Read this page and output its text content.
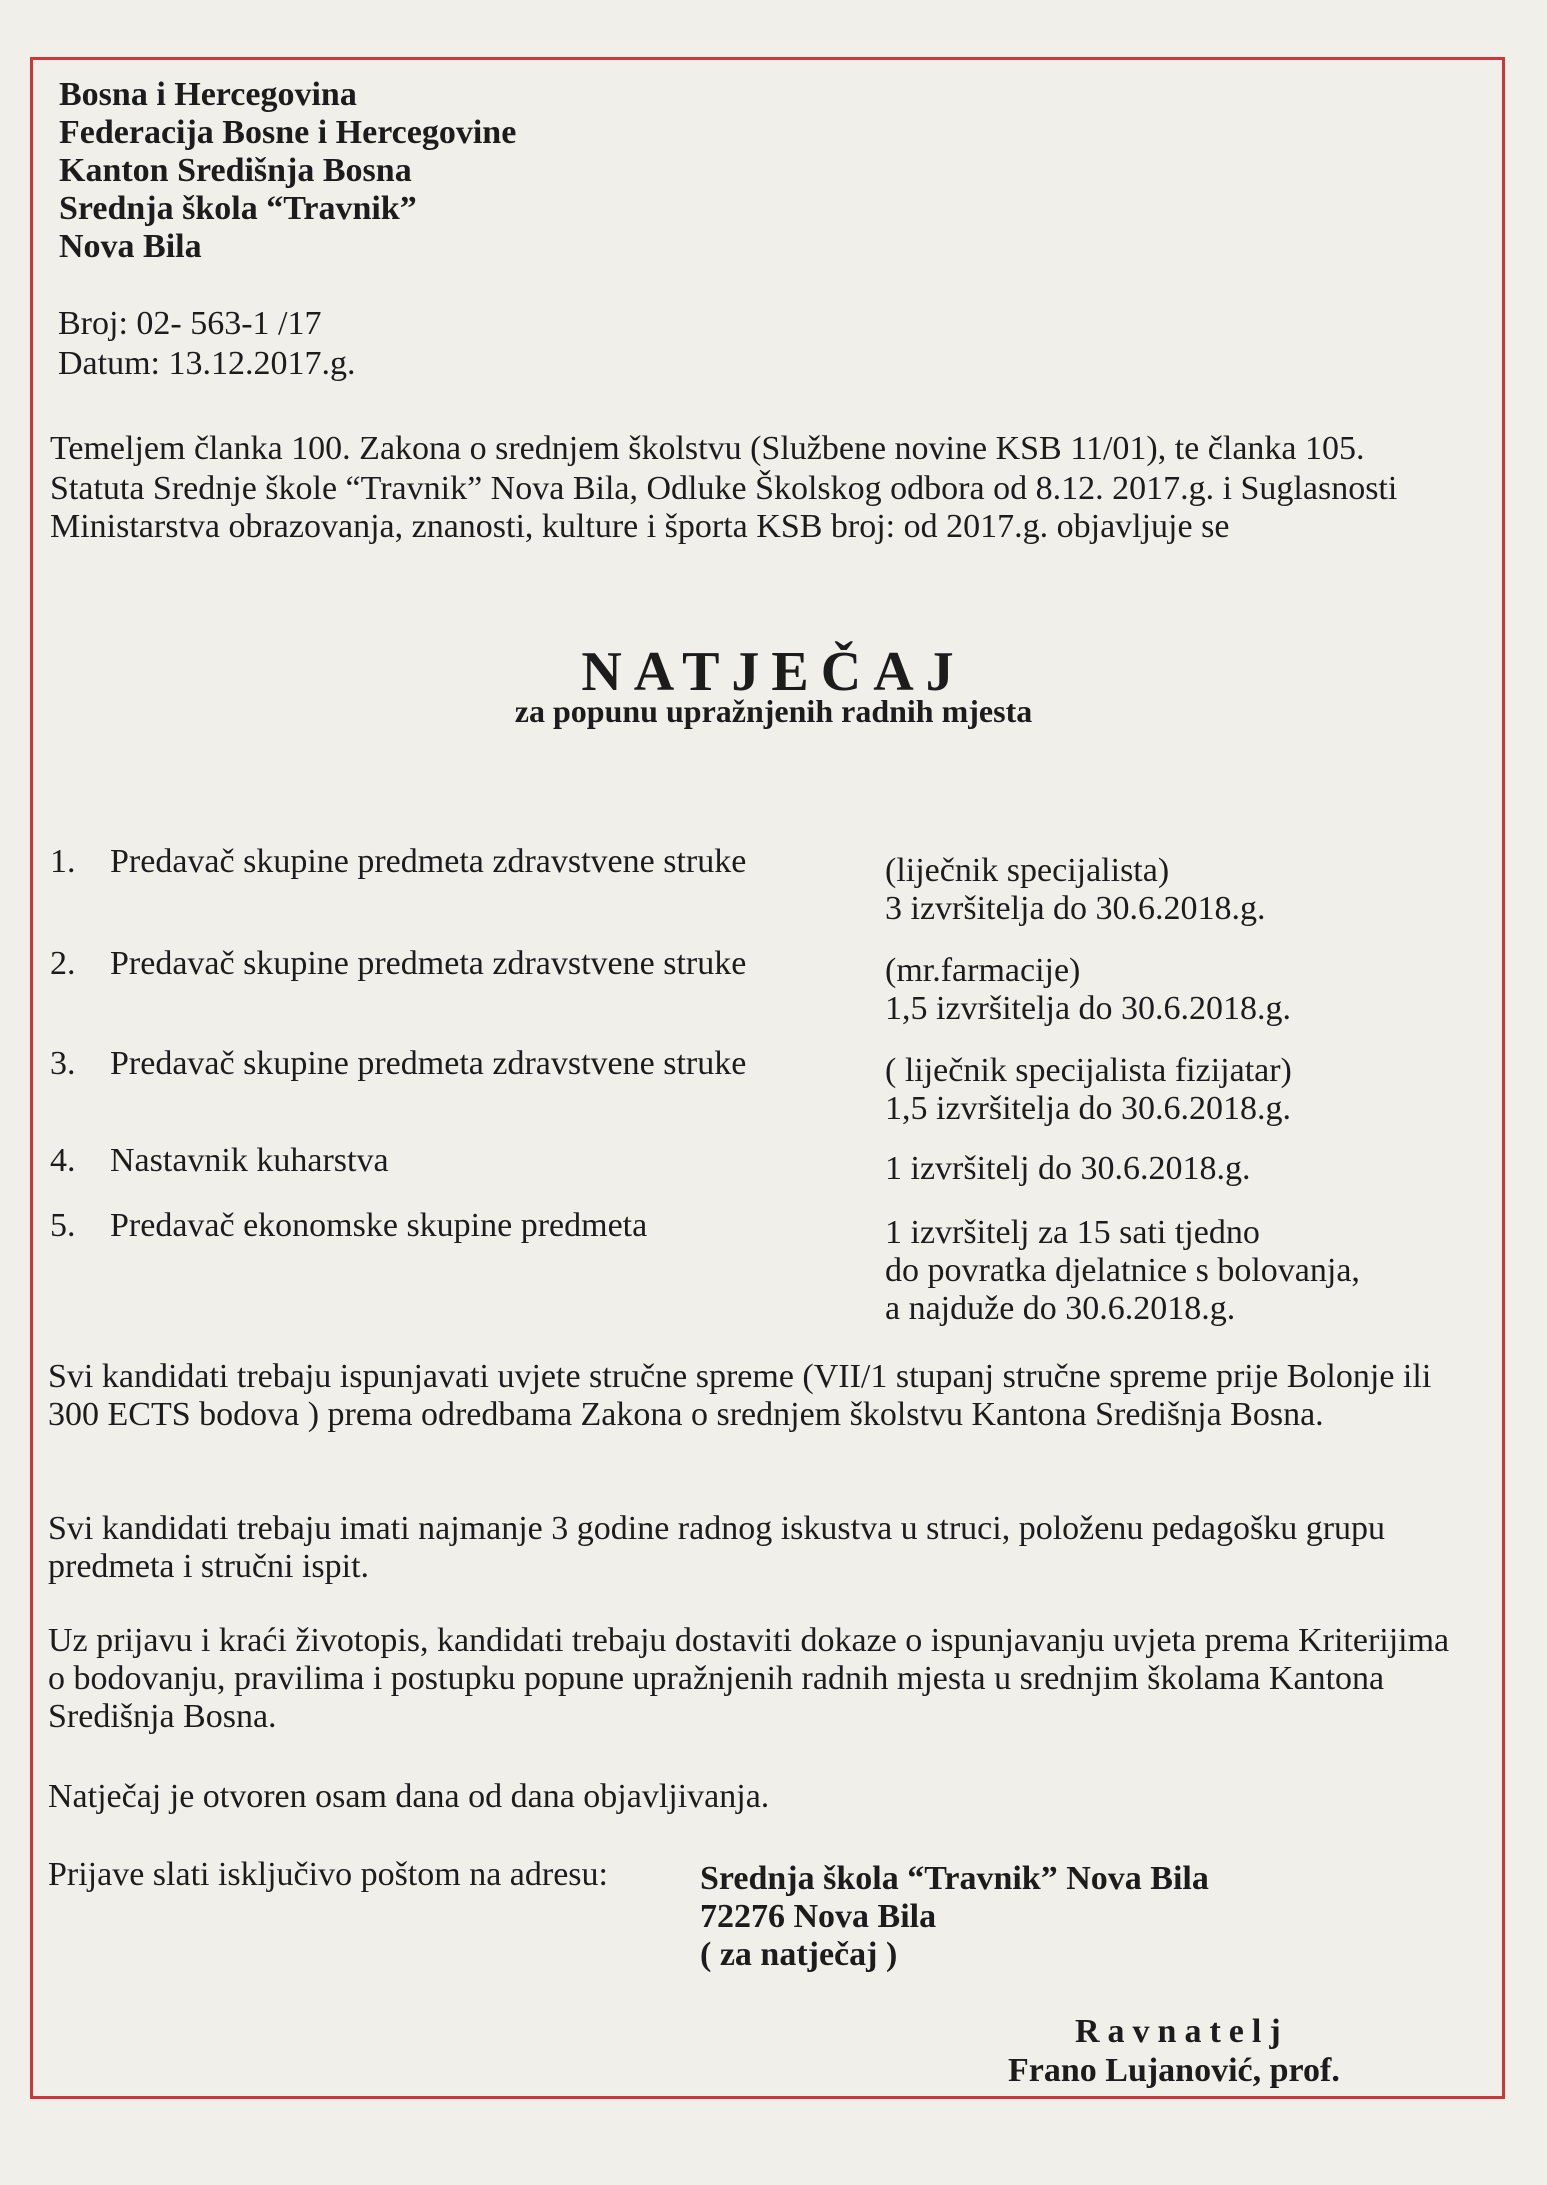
Bosna i Hercegovina
Federacija Bosne i Hercegovine
Kanton Središnja Bosna
Srednja škola “Travnik”
Nova Bila
Broj: 02- 563-1 /17
Datum: 13.12.2017.g.
Temeljem članka 100. Zakona o srednjem školstvu (Službene novine KSB 11/01), te članka 105.
Statuta Srednje škole “Travnik” Nova Bila, Odluke Školskog odbora od 8.12. 2017.g. i Suglasnosti
Ministarstva obrazovanja, znanosti, kulture i športa KSB broj: od 2017.g. objavljuje se
NATJEČAJ
za popunu upražnjenih radnih mjesta
1. Predavač skupine predmeta zdravstvene struke	(liječnik specijalista)
3 izvršitelja do 30.6.2018.g.
2. Predavač skupine predmeta zdravstvene struke	(mr.farmacije)
1,5 izvršitelja do 30.6.2018.g.
3. Predavač skupine predmeta zdravstvene struke	( liječnik specijalista fizijatar)
1,5 izvršitelja do 30.6.2018.g.
4. Nastavnik kuharstva	1 izvršitelj do 30.6.2018.g.
5. Predavač ekonomske skupine predmeta	1 izvršitelj za 15 sati tjedno
do povratka djelatnice s bolovanja,
a najduže do 30.6.2018.g.
Svi kandidati trebaju ispunjavati uvjete stručne spreme (VII/1 stupanj stručne spreme prije Bolonje ili 300 ECTS bodova ) prema odredbama Zakona o srednjem školstvu Kantona Središnja Bosna.
Svi kandidati trebaju imati najmanje 3 godine radnog iskustva u struci, položenu pedagošku grupu predmeta i stručni ispit.
Uz prijavu i kraći životopis, kandidati trebaju dostaviti dokaze o ispunjavanju uvjeta prema Kriterijima o bodovanju, pravilima i postupku popune upražnjenih radnih mjesta u srednjim školama Kantona Središnja Bosna.
Natječaj je otvoren osam dana od dana objavljivanja.
Prijave slati isključivo poštom na adresu:	Srednja škola “Travnik” Nova Bila
72276 Nova Bila
( za natječaj )
Ravnatelj
Frano Lujanović, prof.
